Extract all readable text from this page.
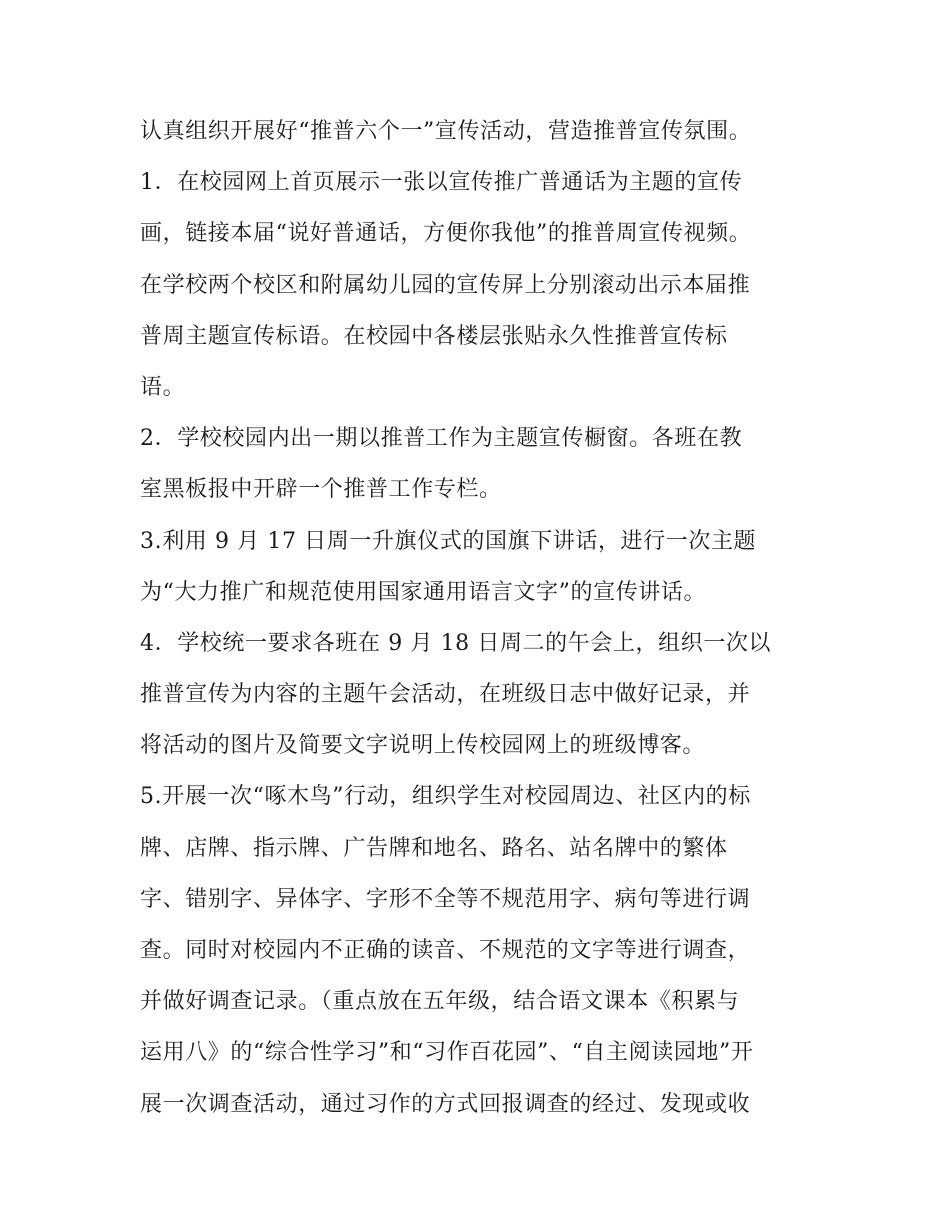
认真组织开展好“推普六个一”宣传活动，营造推普宣传氛围。
1．在校园网上首页展示一张以宣传推广普通话为主题的宣传
画，链接本届“说好普通话，方便你我他”的推普周宣传视频。
在学校两个校区和附属幼儿园的宣传屏上分别滚动出示本届推
普周主题宣传标语。在校园中各楼层张贴永久性推普宣传标
语。
2．学校校园内出一期以推普工作为主题宣传橱窗。各班在教
室黑板报中开辟一个推普工作专栏。
3.利用 9 月 17 日周一升旗仪式的国旗下讲话，进行一次主题
为“大力推广和规范使用国家通用语言文字”的宣传讲话。
4．学校统一要求各班在 9 月 18 日周二的午会上，组织一次以
推普宣传为内容的主题午会活动，在班级日志中做好记录，并
将活动的图片及简要文字说明上传校园网上的班级博客。
5.开展一次“啄木鸟”行动，组织学生对校园周边、社区内的标
牌、店牌、指示牌、广告牌和地名、路名、站名牌中的繁体
字、错别字、异体字、字形不全等不规范用字、病句等进行调
查。同时对校园内不正确的读音、不规范的文字等进行调查，
并做好调查记录。（重点放在五年级，结合语文课本《积累与
运用八》的“综合性学习”和“习作百花园”、“自主阅读园地”开
展一次调查活动，通过习作的方式回报调查的经过、发现或收
